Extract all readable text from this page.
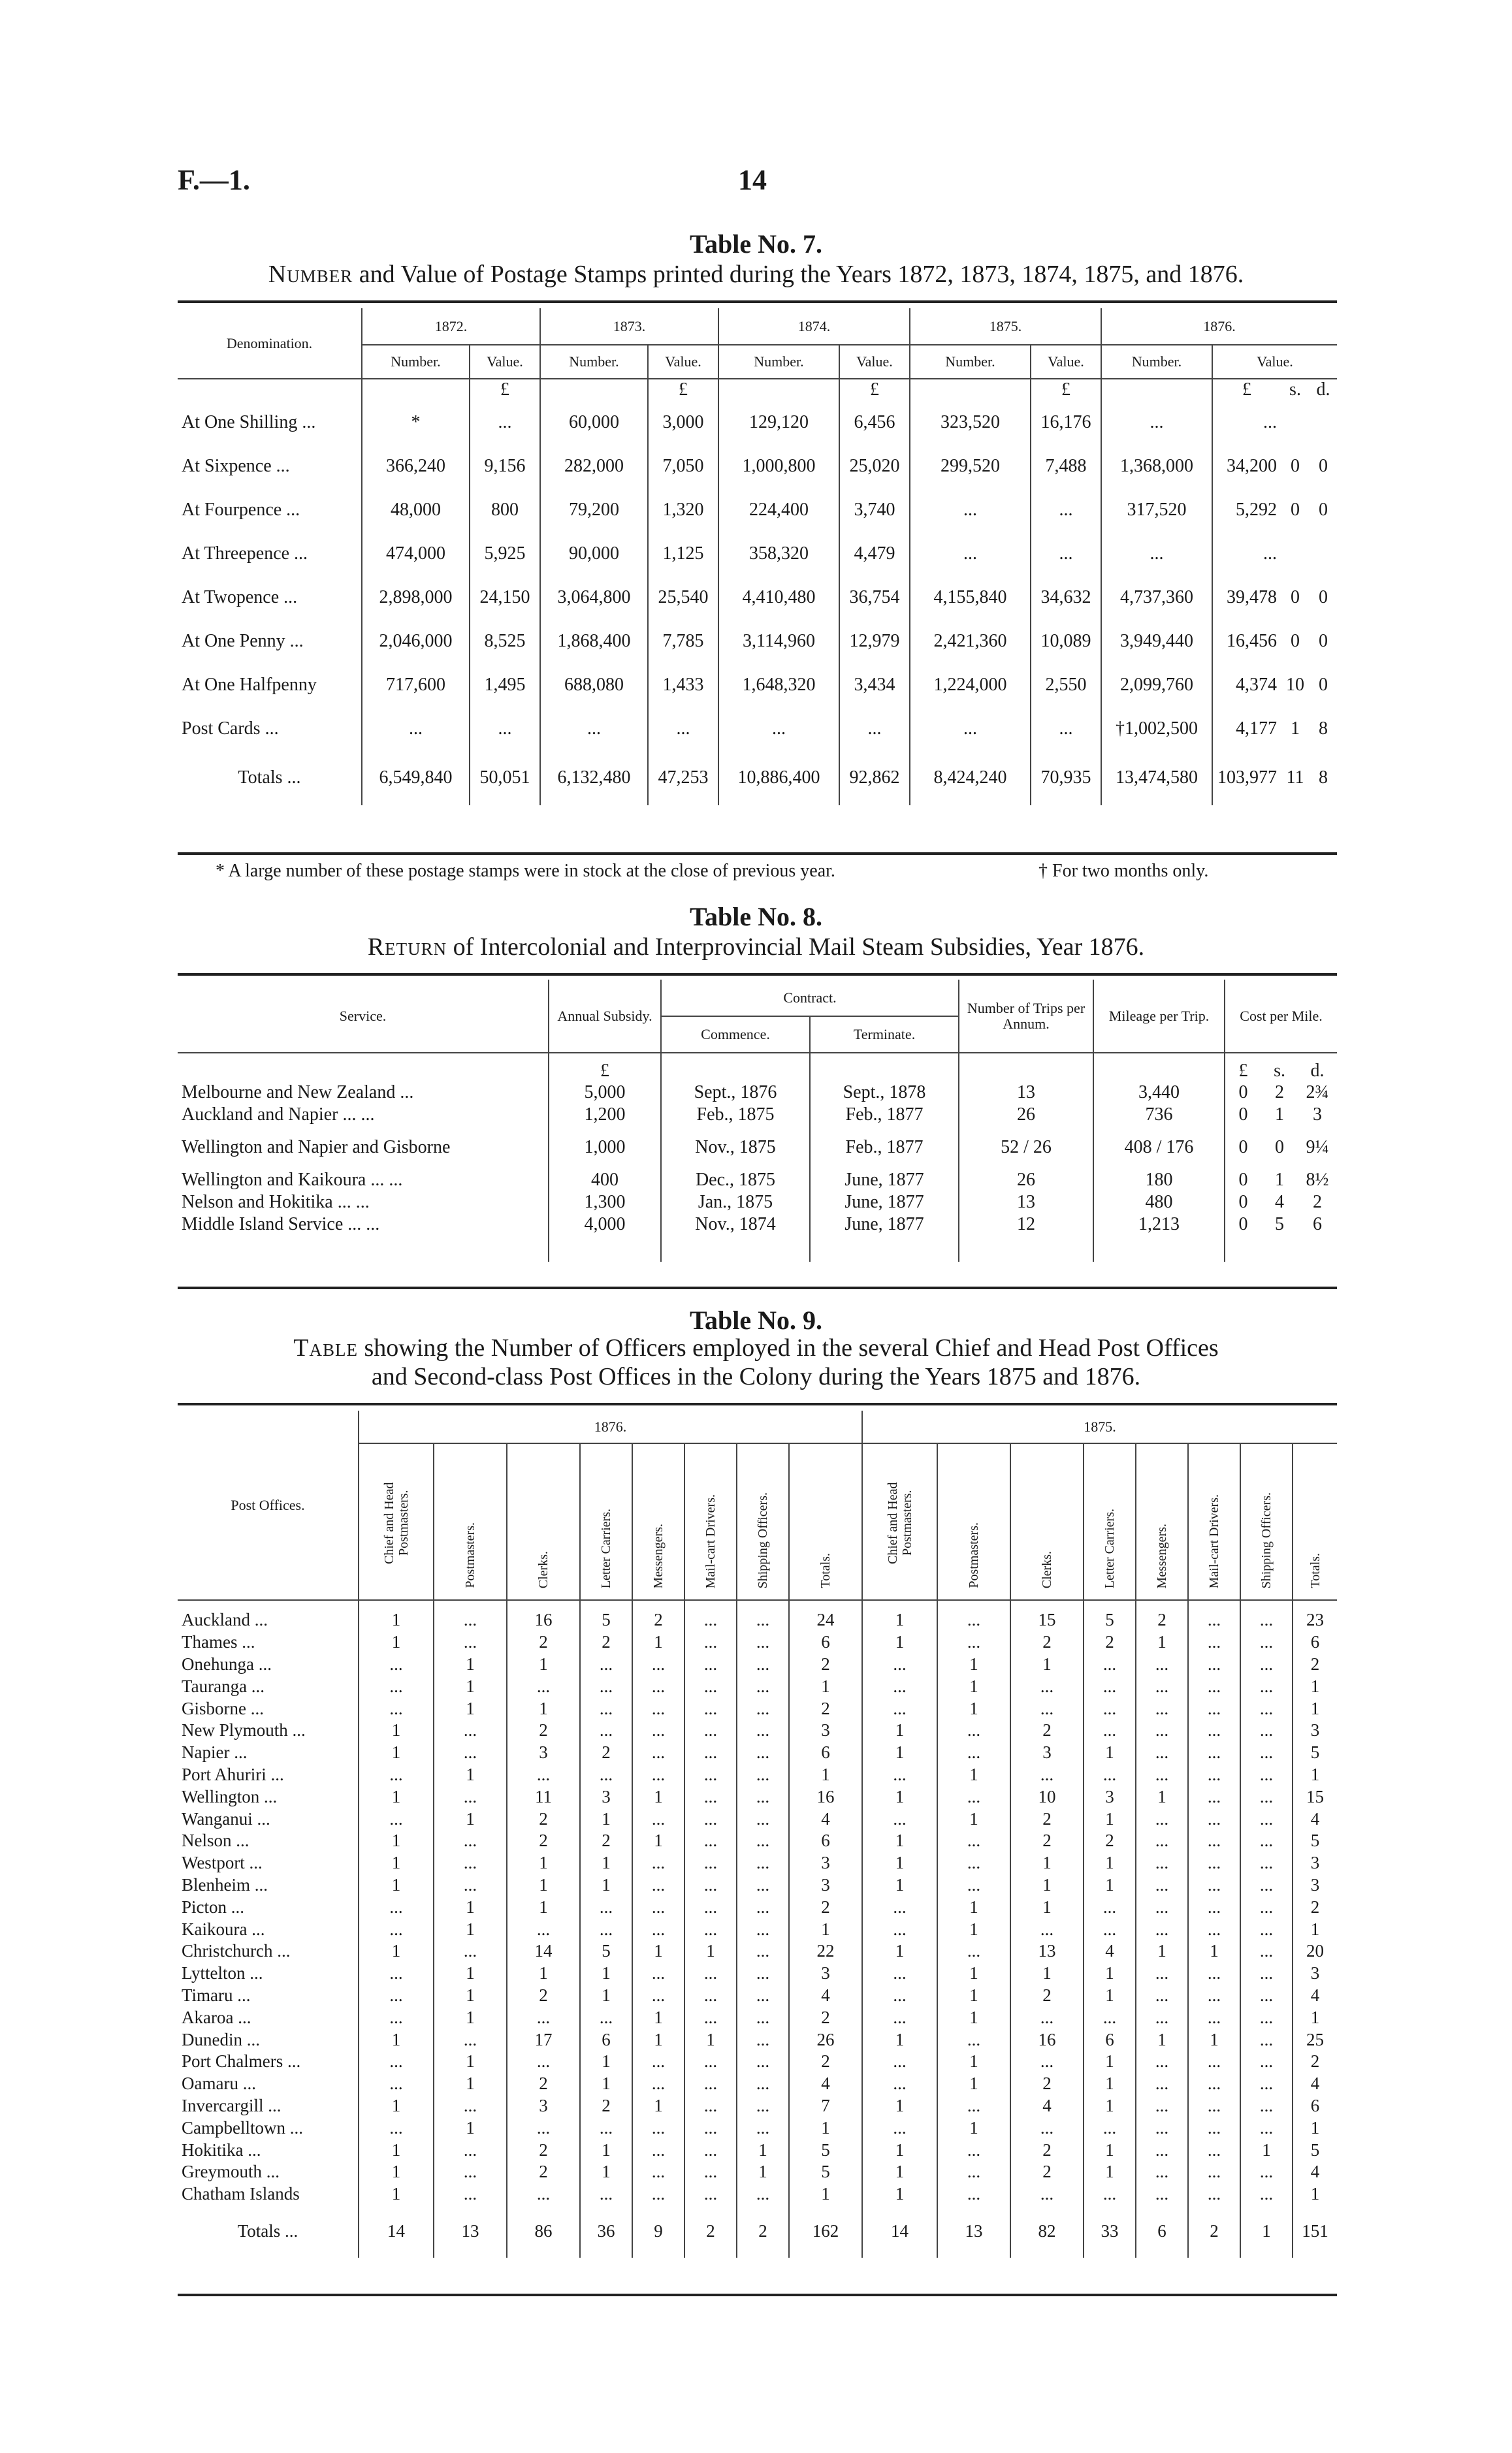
F.—1.	14
Table No. 7.
Number and Value of Postage Stamps printed during the Years 1872, 1873, 1874, 1875, and 1876.
Denomination.	1872.		1873.		1874.		1875.		1876.			
	Number.	Value.	Number.	Value.	Number.	Value.	Number.	Value.	Number.	Value.		
		£		£		£		£		£	s.	d.
At One Shilling ...	*	...	60,000	3,000	129,120	6,456	323,520	16,176	...	...		
At Sixpence ...	366,240	9,156	282,000	7,050	1,000,800	25,020	299,520	7,488	1,368,000	34,200	0	0
At Fourpence ...	48,000	800	79,200	1,320	224,400	3,740	...	...	317,520	5,292	0	0
At Threepence ...	474,000	5,925	90,000	1,125	358,320	4,479	...	...	...	...		
At Twopence ...	2,898,000	24,150	3,064,800	25,540	4,410,480	36,754	4,155,840	34,632	4,737,360	39,478	0	0
At One Penny ...	2,046,000	8,525	1,868,400	7,785	3,114,960	12,979	2,421,360	10,089	3,949,440	16,456	0	0
At One Halfpenny	717,600	1,495	688,080	1,433	1,648,320	3,434	1,224,000	2,550	2,099,760	4,374	10	0
Post Cards ...	...	...	...	...	...	...	...	...	†1,002,500	4,177	1	8
Totals ...	6,549,840	50,051	6,132,480	47,253	10,886,400	92,862	8,424,240	70,935	13,474,580	103,977	11	8
* A large number of these postage stamps were in stock at the close of previous year.	† For two months only.
Table No. 8.
Return of Intercolonial and Interprovincial Mail Steam Subsidies, Year 1876.
Service.	Annual Subsidy.	Contract.		Number of Trips per Annum.	Mileage per Trip.	Cost per Mile.		
		Commence.	Terminate.					
	£					£	s.	d.
Melbourne and New Zealand ...	5,000	Sept., 1876	Sept., 1878	13	3,440	0	2	2¾
Auckland and Napier ... ...	1,200	Feb., 1875	Feb., 1877	26	736	0	1	3
Wellington and Napier and Gisborne	1,000	Nov., 1875	Feb., 1877	52 / 26	408 / 176	0	0	9¼
Wellington and Kaikoura ... ...	400	Dec., 1875	June, 1877	26	180	0	1	8½
Nelson and Hokitika ... ...	1,300	Jan., 1875	June, 1877	13	480	0	4	2
Middle Island Service ... ...	4,000	Nov., 1874	June, 1877	12	1,213	0	5	6

Table No. 9.
Table showing the Number of Officers employed in the several Chief and Head Post Offices
and Second-class Post Offices in the Colony during the Years 1875 and 1876.
Post Offices.	1876.								1875.							
	Chief and Head Postmasters.	Postmasters.	Clerks.	Letter Carriers.	Messengers.	Mail-cart Drivers.	Shipping Officers.	Totals.	Chief and Head Postmasters.	Postmasters.	Clerks.	Letter Carriers.	Messengers.	Mail-cart Drivers.	Shipping Officers.	Totals.

Auckland ...	1	...	16	5	2	...	...	24	1	...	15	5	2	...	...	23
Thames ...	1	...	2	2	1	...	...	6	1	...	2	2	1	...	...	6
Onehunga ...	...	1	1	...	...	...	...	2	...	1	1	...	...	...	...	2
Tauranga ...	...	1	...	...	...	...	...	1	...	1	...	...	...	...	...	1
Gisborne ...	...	1	1	...	...	...	...	2	...	1	...	...	...	...	...	1
New Plymouth ...	1	...	2	...	...	...	...	3	1	...	2	...	...	...	...	3
Napier ...	1	...	3	2	...	...	...	6	1	...	3	1	...	...	...	5
Port Ahuriri ...	...	1	...	...	...	...	...	1	...	1	...	...	...	...	...	1
Wellington ...	1	...	11	3	1	...	...	16	1	...	10	3	1	...	...	15
Wanganui ...	...	1	2	1	...	...	...	4	...	1	2	1	...	...	...	4
Nelson ...	1	...	2	2	1	...	...	6	1	...	2	2	...	...	...	5
Westport ...	1	...	1	1	...	...	...	3	1	...	1	1	...	...	...	3
Blenheim ...	1	...	1	1	...	...	...	3	1	...	1	1	...	...	...	3
Picton ...	...	1	1	...	...	...	...	2	...	1	1	...	...	...	...	2
Kaikoura ...	...	1	...	...	...	...	...	1	...	1	...	...	...	...	...	1
Christchurch ...	1	...	14	5	1	1	...	22	1	...	13	4	1	1	...	20
Lyttelton ...	...	1	1	1	...	...	...	3	...	1	1	1	...	...	...	3
Timaru ...	...	1	2	1	...	...	...	4	...	1	2	1	...	...	...	4
Akaroa ...	...	1	...	...	1	...	...	2	...	1	...	...	...	...	...	1
Dunedin ...	1	...	17	6	1	1	...	26	1	...	16	6	1	1	...	25
Port Chalmers ...	...	1	...	1	...	...	...	2	...	1	...	1	...	...	...	2
Oamaru ...	...	1	2	1	...	...	...	4	...	1	2	1	...	...	...	4
Invercargill ...	1	...	3	2	1	...	...	7	1	...	4	1	...	...	...	6
Campbelltown ...	...	1	...	...	...	...	...	1	...	1	...	...	...	...	...	1
Hokitika ...	1	...	2	1	...	...	1	5	1	...	2	1	...	...	1	5
Greymouth ...	1	...	2	1	...	...	1	5	1	...	2	1	...	...	...	4
Chatham Islands	1	...	...	...	...	...	...	1	1	...	...	...	...	...	...	1
Totals ...	14	13	86	36	9	2	2	162	14	13	82	33	6	2	1	151
